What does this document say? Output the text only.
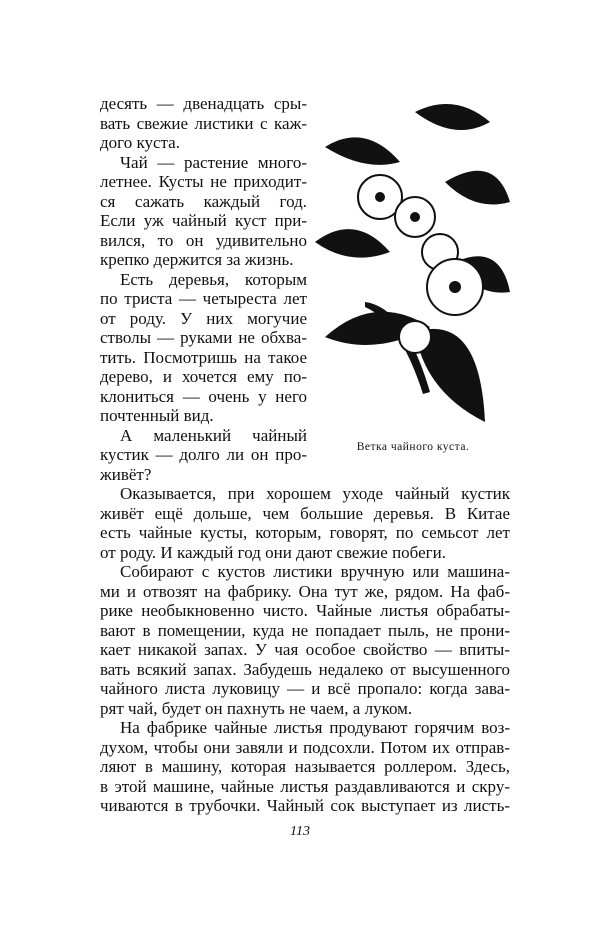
десять — двенадцать сры-
вать свежие листики с каж-
дого куста.
Чай — растение много-
летнее. Кусты не приходит-
ся сажать каждый год.
Если уж чайный куст при-
вился, то он удивительно
крепко держится за жизнь.
Есть деревья, которым
по триста — четыреста лет
от роду. У них могучие
стволы — руками не обхва-
тить. Посмотришь на такое
дерево, и хочется ему по-
клониться — очень у него
почтенный вид.
А маленький чайный
кустик — долго ли он про-
живёт?
Ветка чайного куста.
Оказывается, при хорошем уходе чайный кустик
живёт ещё дольше, чем большие деревья. В Китае
есть чайные кусты, которым, говорят, по семьсот лет
от роду. И каждый год они дают свежие побеги.
Собирают с кустов листики вручную или машина-
ми и отвозят на фабрику. Она тут же, рядом. На фаб-
рике необыкновенно чисто. Чайные листья обрабаты-
вают в помещении, куда не попадает пыль, не прони-
кает никакой запах. У чая особое свойство — впиты-
вать всякий запах. Забудешь недалеко от высушенного
чайного листа луковицу — и всё пропало: когда зава-
рят чай, будет он пахнуть не чаем, а луком.
На фабрике чайные листья продувают горячим воз-
духом, чтобы они завяли и подсохли. Потом их отправ-
ляют в машину, которая называется роллером. Здесь,
в этой машине, чайные листья раздавливаются и скру-
чиваются в трубочки. Чайный сок выступает из листь-
113
